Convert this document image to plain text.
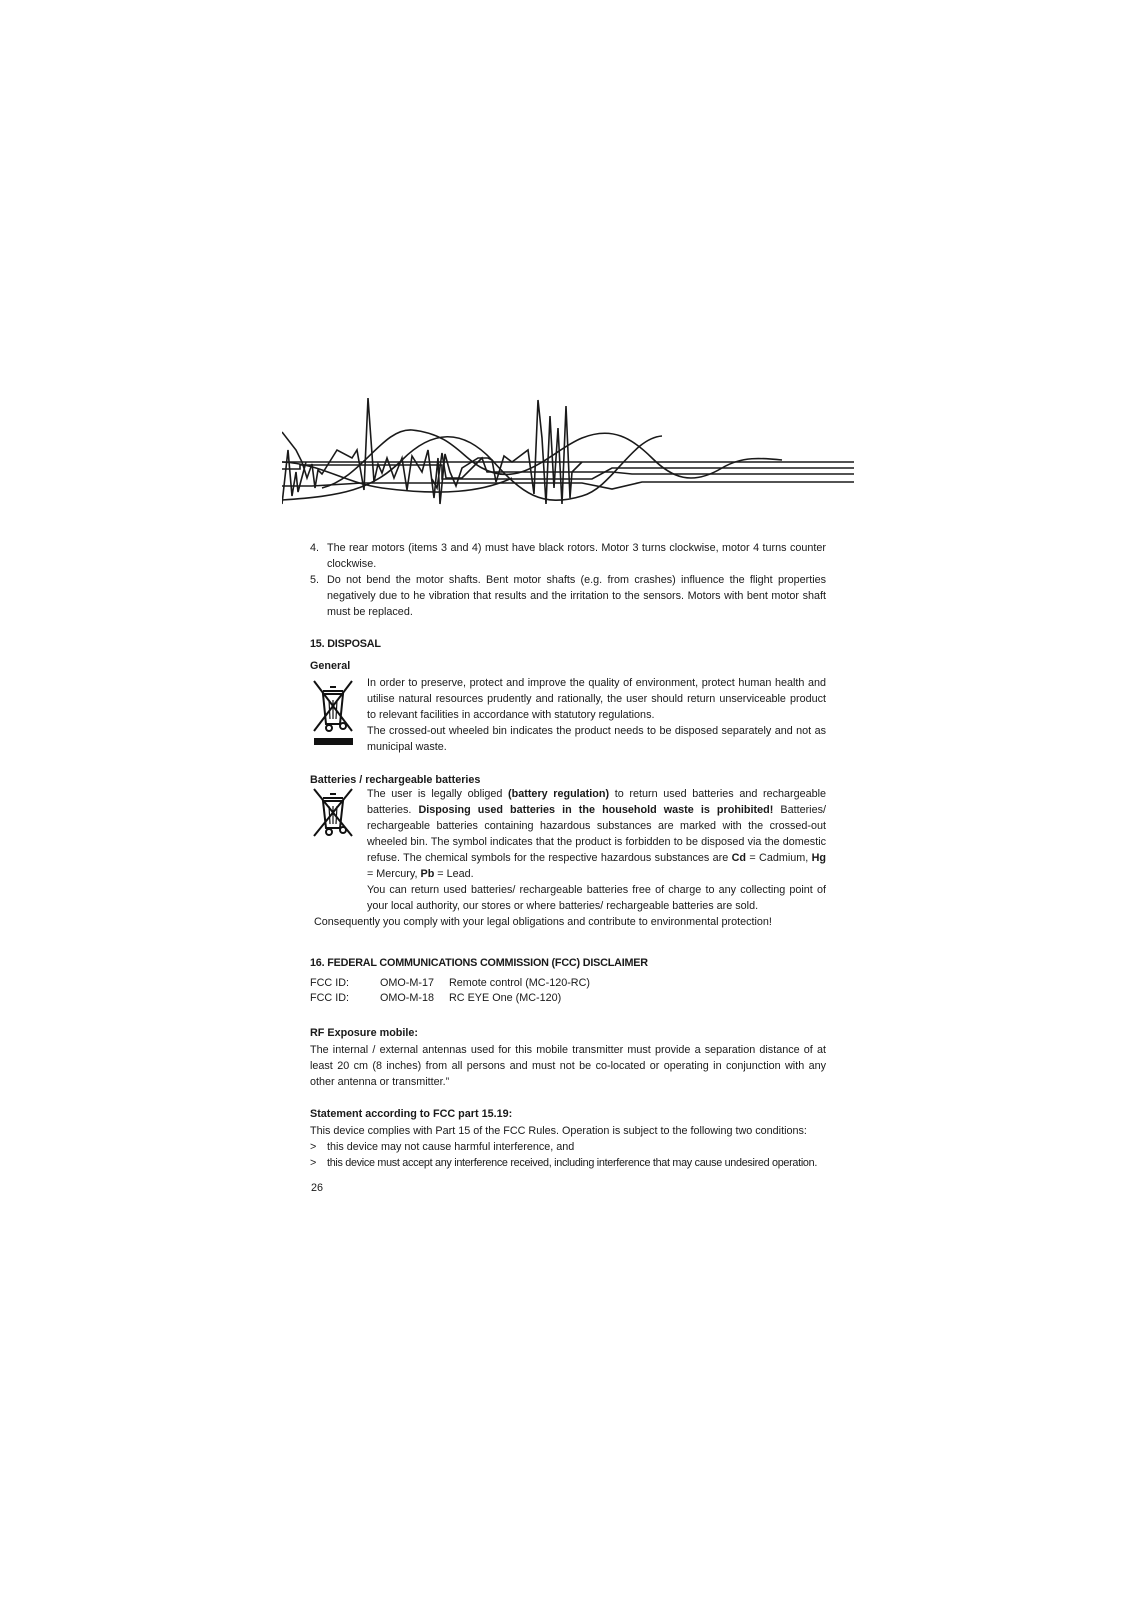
4. The rear motors (items 3 and 4) must have black rotors. Motor 3 turns clockwise, motor 4 turns counter clockwise.
5. Do not bend the motor shafts. Bent motor shafts (e.g. from crashes) influence the flight properties negatively due to he vibration that results and the irritation to the sensors. Motors with bent motor shaft must be replaced.
15. DISPOSAL
General

In order to preserve, protect and improve the quality of environment, protect human health and utilise natural resources prudently and rationally, the user should return unserviceable product to relevant facilities in accordance with statutory regulations.

The crossed-out wheeled bin indicates the product needs to be disposed separately and not as municipal waste.

Batteries / rechargeable batteries

The user is legally obliged (battery regulation) to return used batteries and rechargeable batteries. Disposing used batteries in the household waste is prohibited! Batteries/ rechargeable batteries containing hazardous substances are marked with the crossed-out wheeled bin. The symbol indicates that the product is forbidden to be disposed via the domestic refuse. The chemical symbols for the respective hazardous substances are Cd = Cadmium, Hg = Mercury, Pb = Lead.

You can return used batteries/ rechargeable batteries free of charge to any collecting point of your local authority, our stores or where batteries/ rechargeable batteries are sold.

Consequently you comply with your legal obligations and contribute to environmental protection!

16. FEDERAL COMMUNICATIONS COMMISSION (FCC) DISCLAIMER
FCC ID:	OMO-M-17	Remote control (MC-120-RC)
FCC ID:	OMO-M-18	RC EYE One (MC-120)
RF Exposure mobile:

The internal / external antennas used for this mobile transmitter must provide a separation distance of at least 20 cm (8 inches) from all persons and must not be co-located or operating in conjunction with any other antenna or transmitter.”

Statement according to FCC part 15.19:

This device complies with Part 15 of the FCC Rules. Operation is subject to the following two conditions:

> this device may not cause harmful interference, and
> this device must accept any interference received, including interference that may cause undesired operation.
26
